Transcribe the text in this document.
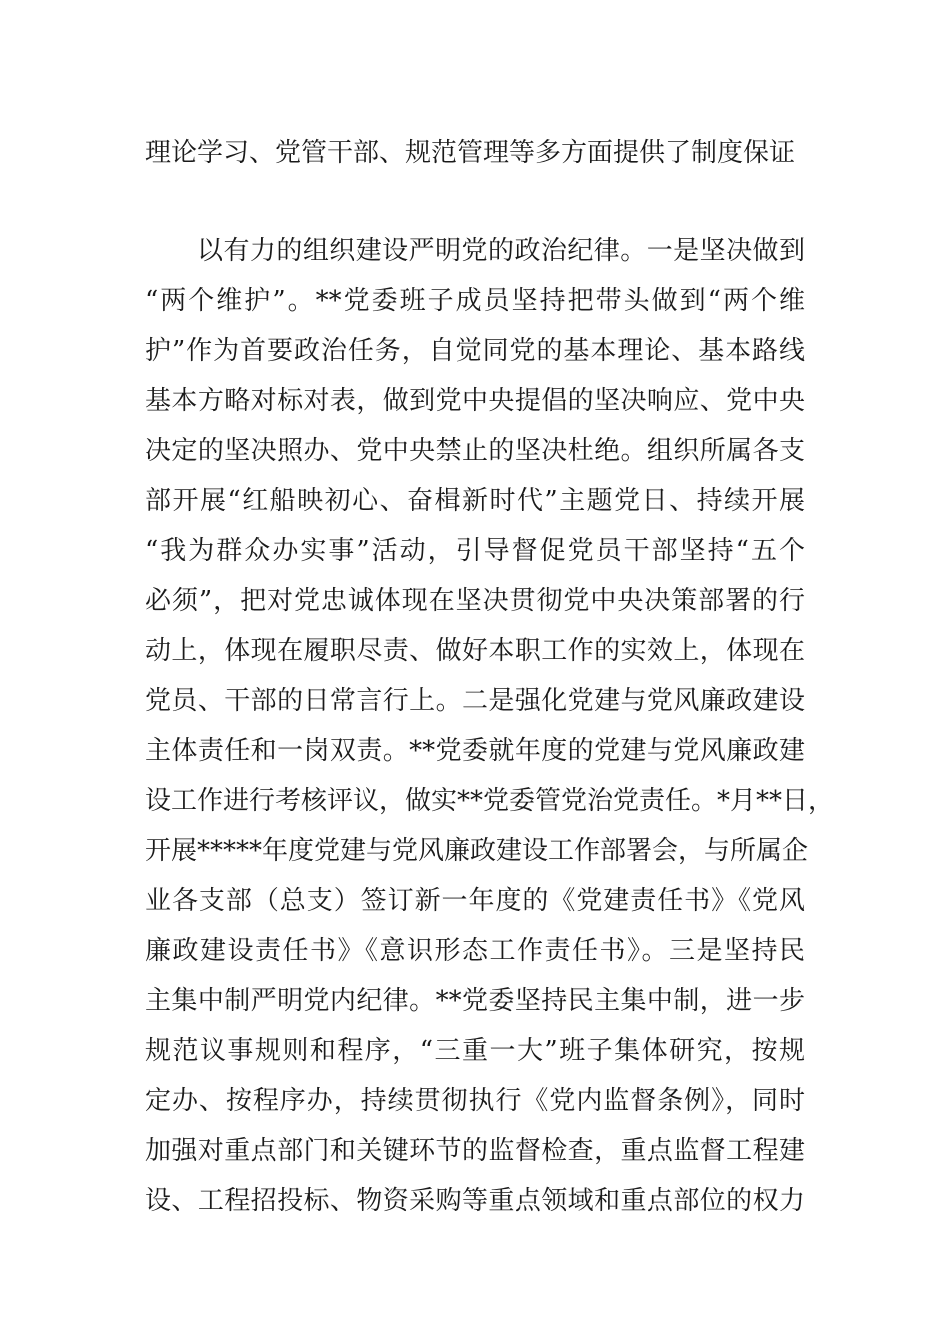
理论学习、党管干部、规范管理等多方面提供了制度保证
以有力的组织建设严明党的政治纪律。一是坚决做到
“两个维护”。**党委班子成员坚持把带头做到“两个维
护”作为首要政治任务，自觉同党的基本理论、基本路线
基本方略对标对表，做到党中央提倡的坚决响应、党中央
决定的坚决照办、党中央禁止的坚决杜绝。组织所属各支
部开展“红船映初心、奋楫新时代”主题党日、持续开展
“我为群众办实事”活动，引导督促党员干部坚持“五个
必须”，把对党忠诚体现在坚决贯彻党中央决策部署的行
动上，体现在履职尽责、做好本职工作的实效上，体现在
党员、干部的日常言行上。二是强化党建与党风廉政建设
主体责任和一岗双责。**党委就年度的党建与党风廉政建
设工作进行考核评议，做实**党委管党治党责任。*月**日，
开展*****年度党建与党风廉政建设工作部署会，与所属企
业各支部（总支）签订新一年度的《党建责任书》《党风
廉政建设责任书》《意识形态工作责任书》。三是坚持民
主集中制严明党内纪律。**党委坚持民主集中制，进一步
规范议事规则和程序，“三重一大”班子集体研究，按规
定办、按程序办，持续贯彻执行《党内监督条例》，同时
加强对重点部门和关键环节的监督检查，重点监督工程建
设、工程招投标、物资采购等重点领域和重点部位的权力
